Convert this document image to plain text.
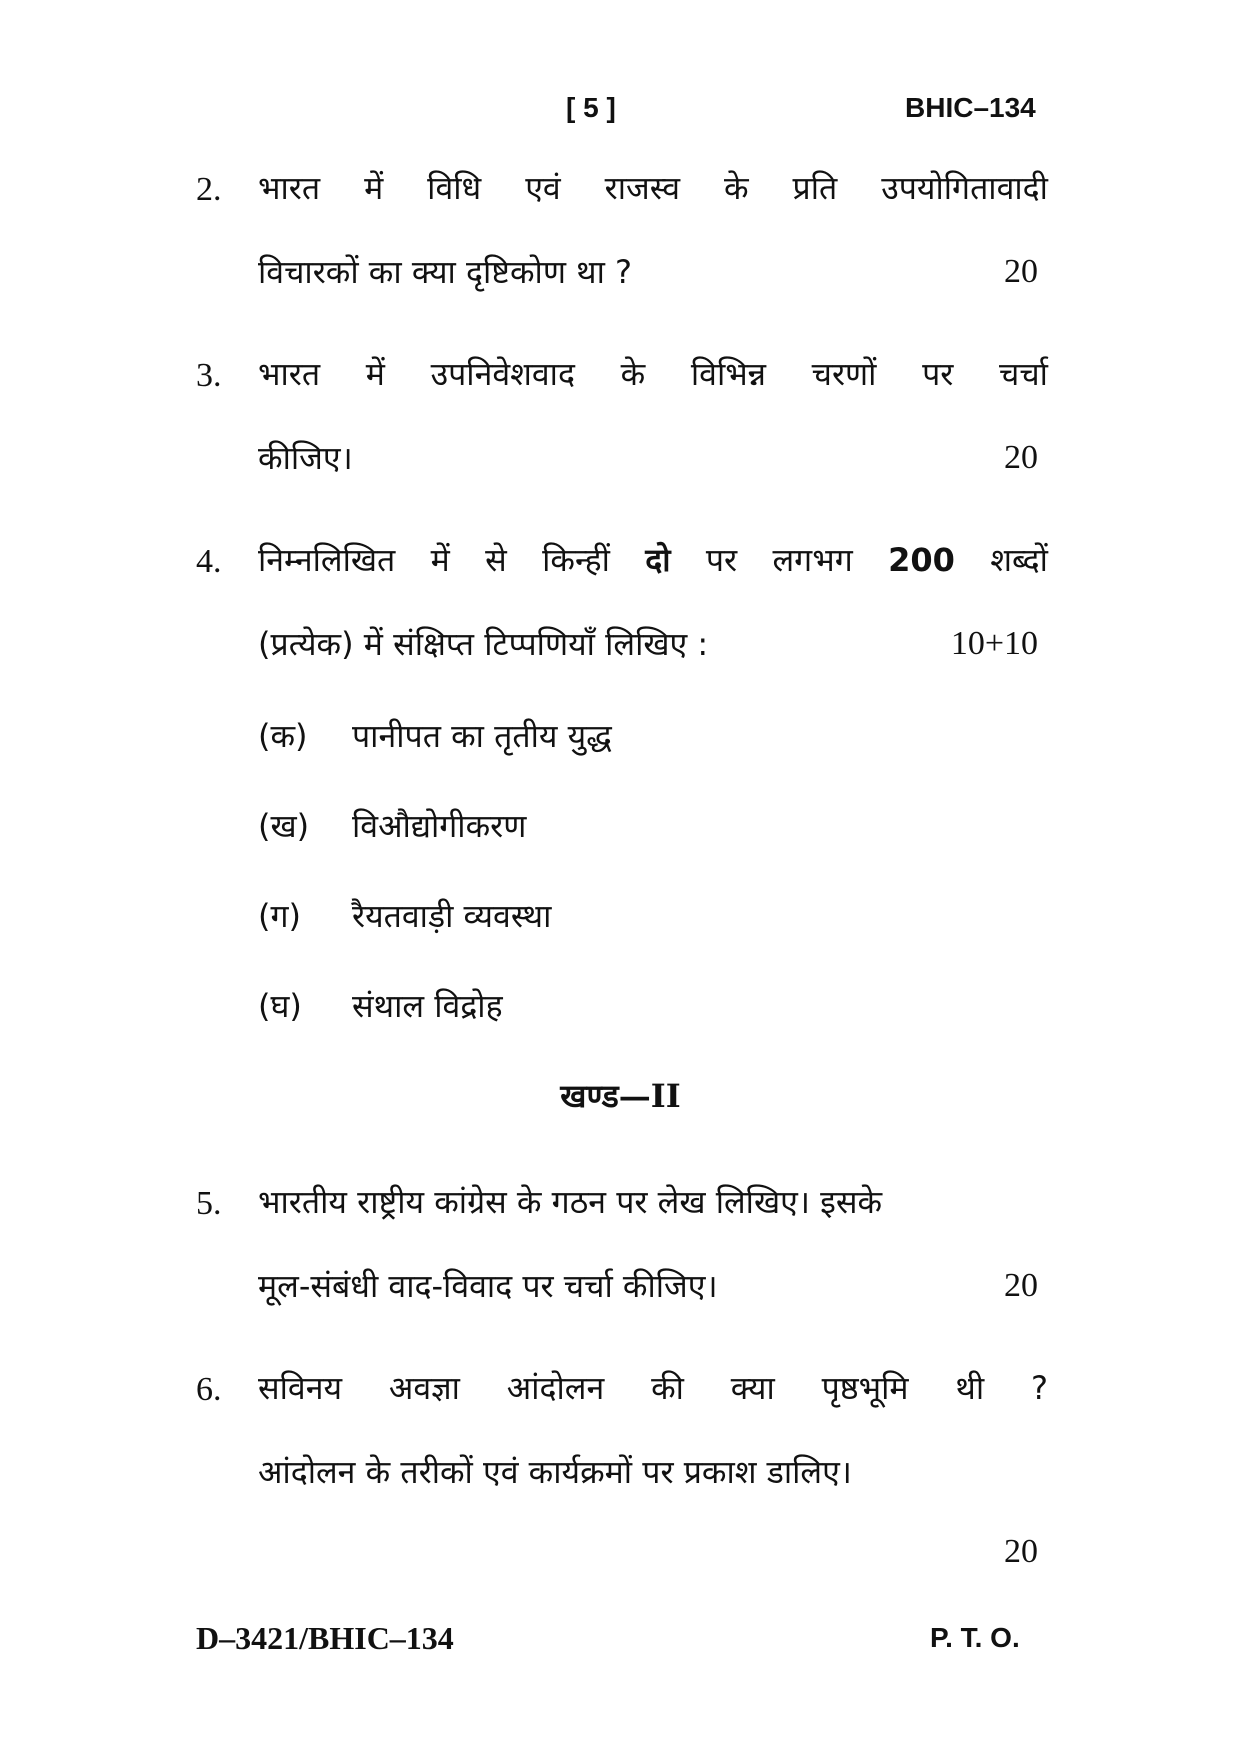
[ 5 ]	BHIC–134
2. भारत में विधि एवं राजस्व के प्रति उपयोगितावादी
विचारकों का क्या दृष्टिकोण था ?	20
3. भारत में उपनिवेशवाद के विभिन्न चरणों पर चर्चा
कीजिए।	20
4. निम्नलिखित में से किन्हीं दो पर लगभग 200 शब्दों
(प्रत्येक) में संक्षिप्त टिप्पणियाँ लिखिए :	10+10
(क) पानीपत का तृतीय युद्ध
(ख) विऔद्योगीकरण
(ग) रैयतवाड़ी व्यवस्था
(घ) संथाल विद्रोह
खण्ड—II
5. भारतीय राष्ट्रीय कांग्रेस के गठन पर लेख लिखिए। इसके
मूल-संबंधी वाद-विवाद पर चर्चा कीजिए।	20
6. सविनय अवज्ञा आंदोलन की क्या पृष्ठभूमि थी ?
आंदोलन के तरीकों एवं कार्यक्रमों पर प्रकाश डालिए।
20
D–3421/BHIC–134	P. T. O.
